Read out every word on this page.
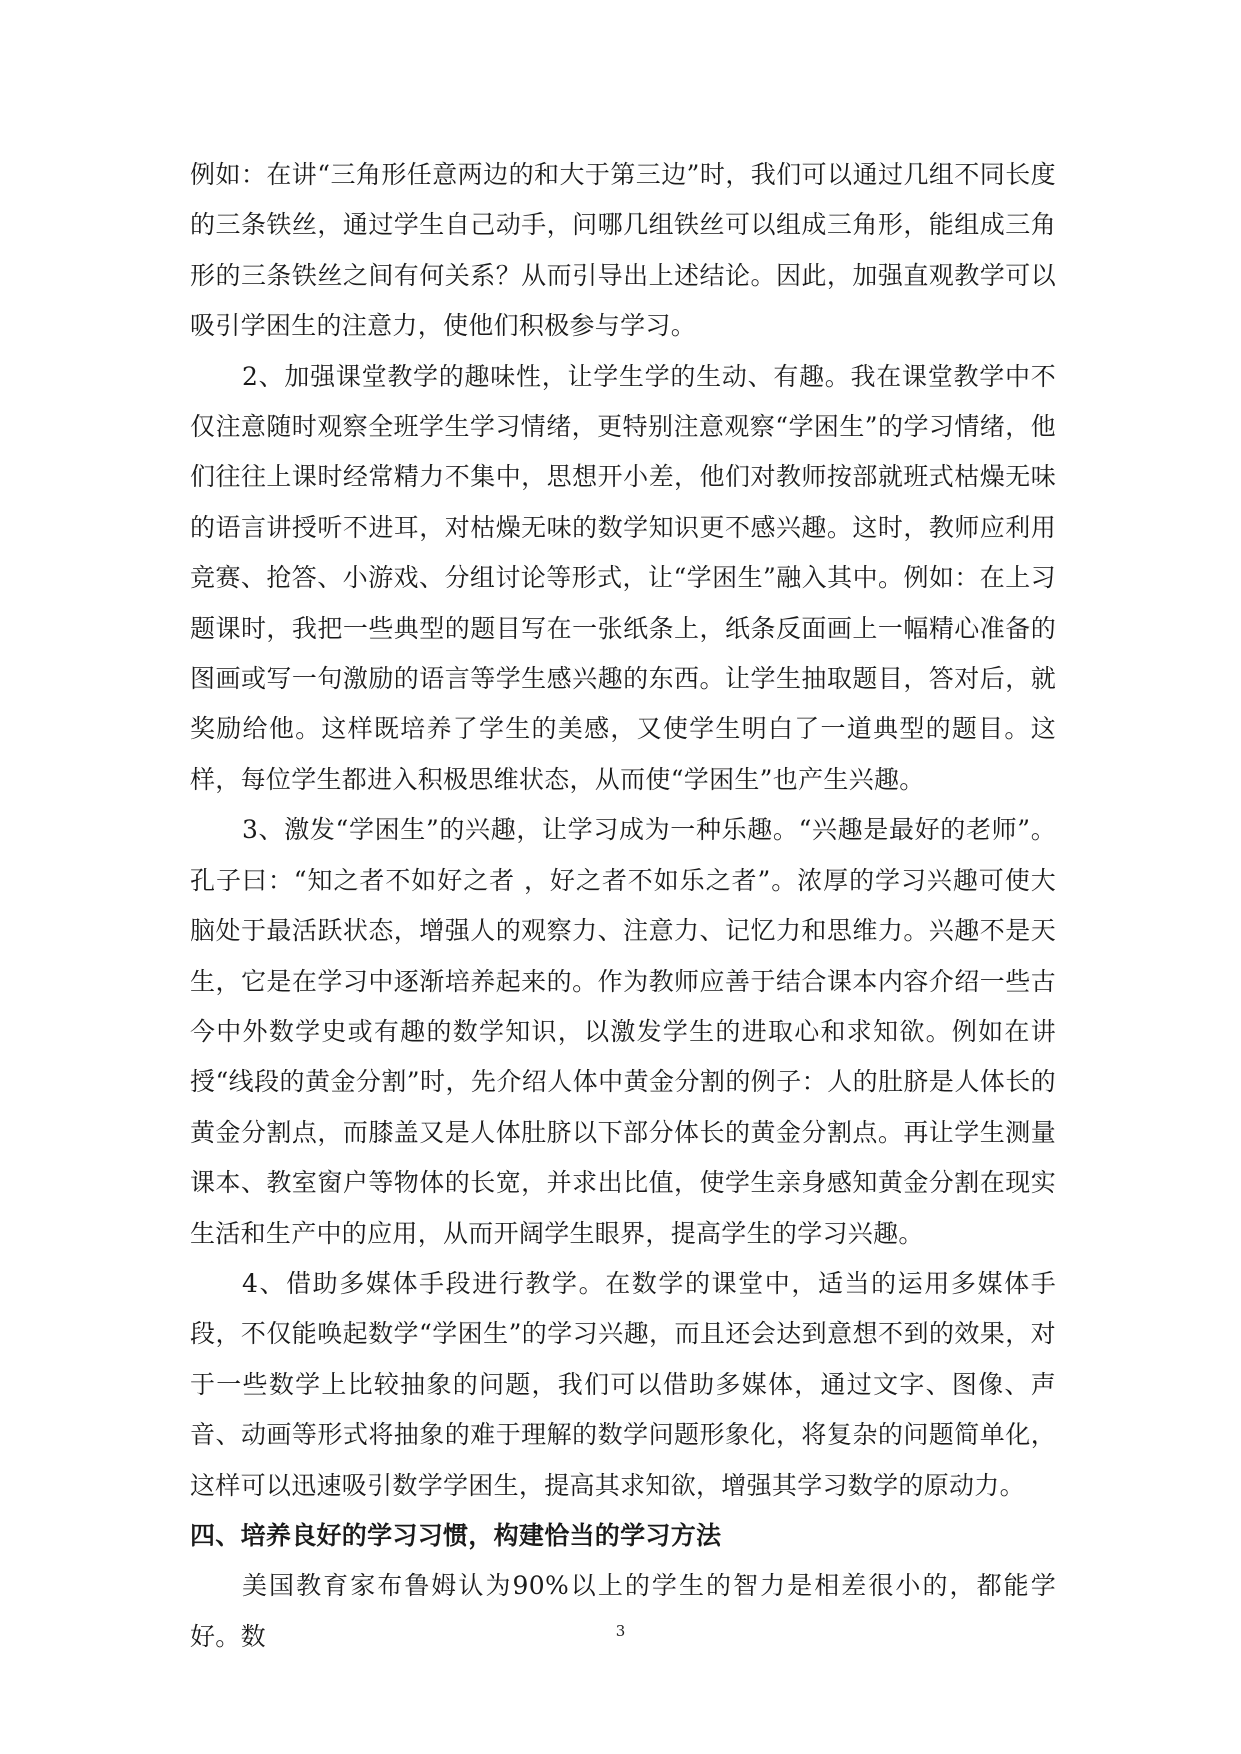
例如：在讲“三角形任意两边的和大于第三边”时，我们可以通过几组不同长度的三条铁丝，通过学生自己动手，问哪几组铁丝可以组成三角形，能组成三角形的三条铁丝之间有何关系？从而引导出上述结论。因此，加强直观教学可以吸引学困生的注意力，使他们积极参与学习。

2、加强课堂教学的趣味性，让学生学的生动、有趣。我在课堂教学中不仅注意随时观察全班学生学习情绪，更特别注意观察“学困生”的学习情绪，他们往往上课时经常精力不集中，思想开小差，他们对教师按部就班式枯燥无味的语言讲授听不进耳，对枯燥无味的数学知识更不感兴趣。这时，教师应利用竞赛、抢答、小游戏、分组讨论等形式，让“学困生”融入其中。例如：在上习题课时，我把一些典型的题目写在一张纸条上，纸条反面画上一幅精心准备的图画或写一句激励的语言等学生感兴趣的东西。让学生抽取题目，答对后，就奖励给他。这样既培养了学生的美感，又使学生明白了一道典型的题目。这样，每位学生都进入积极思维状态，从而使“学困生”也产生兴趣。

3、激发“学困生”的兴趣，让学习成为一种乐趣。“兴趣是最好的老师”。孔子曰：“知之者不如好之者 ，好之者不如乐之者”。浓厚的学习兴趣可使大脑处于最活跃状态，增强人的观察力、注意力、记忆力和思维力。兴趣不是天生，它是在学习中逐渐培养起来的。作为教师应善于结合课本内容介绍一些古今中外数学史或有趣的数学知识，以激发学生的进取心和求知欲。例如在讲授“线段的黄金分割”时，先介绍人体中黄金分割的例子：人的肚脐是人体长的黄金分割点，而膝盖又是人体肚脐以下部分体长的黄金分割点。再让学生测量课本、教室窗户等物体的长宽，并求出比值，使学生亲身感知黄金分割在现实生活和生产中的应用，从而开阔学生眼界，提高学生的学习兴趣。

4、借助多媒体手段进行教学。在数学的课堂中，适当的运用多媒体手段，不仅能唤起数学“学困生”的学习兴趣，而且还会达到意想不到的效果，对于一些数学上比较抽象的问题，我们可以借助多媒体，通过文字、图像、声音、动画等形式将抽象的难于理解的数学问题形象化，将复杂的问题简单化，这样可以迅速吸引数学学困生，提高其求知欲，增强其学习数学的原动力。

四、培养良好的学习习惯，构建恰当的学习方法

美国教育家布鲁姆认为90%以上的学生的智力是相差很小的，都能学好。数	3
